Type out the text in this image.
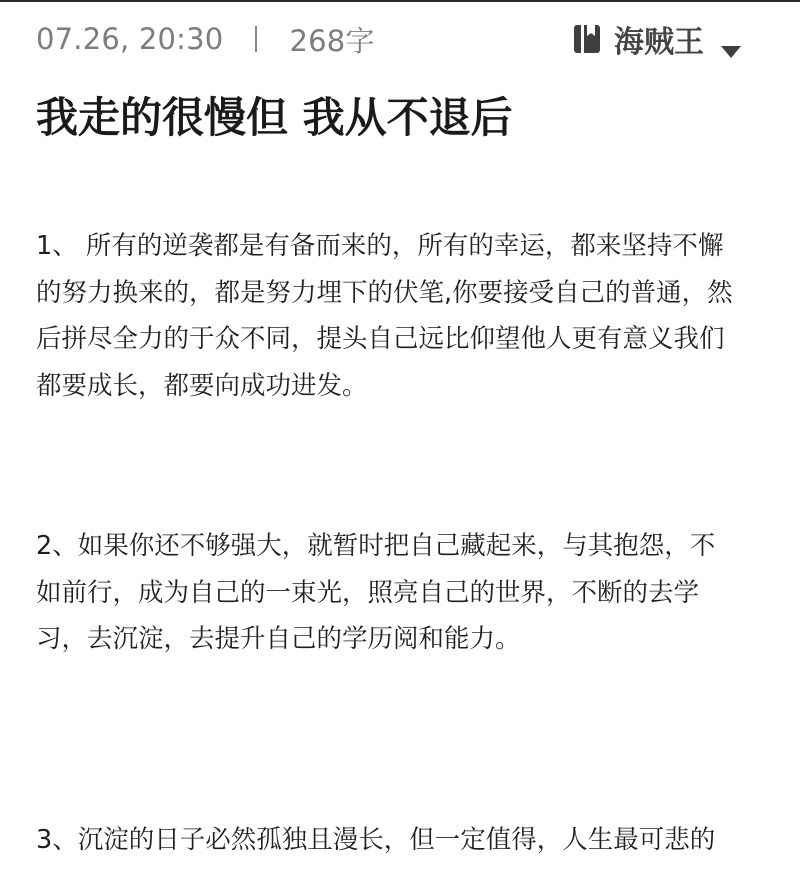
07.26, 20:30 268字	海贼王
我走的很慢但 我从不退后

1、 所有的逆袭都是有备而来的，所有的幸运，都来坚持不懈
的努力换来的，都是努力埋下的伏笔,你要接受自己的普通，然
后拼尽全力的于众不同，提头自己远比仰望他人更有意义我们
都要成长，都要向成功进发。

2、如果你还不够强大，就暂时把自己藏起来，与其抱怨，不
如前行，成为自己的一束光，照亮自己的世界，不断的去学
习，去沉淀，去提升自己的学历阅和能力。

3、沉淀的日子必然孤独且漫长，但一定值得，人生最可悲的
